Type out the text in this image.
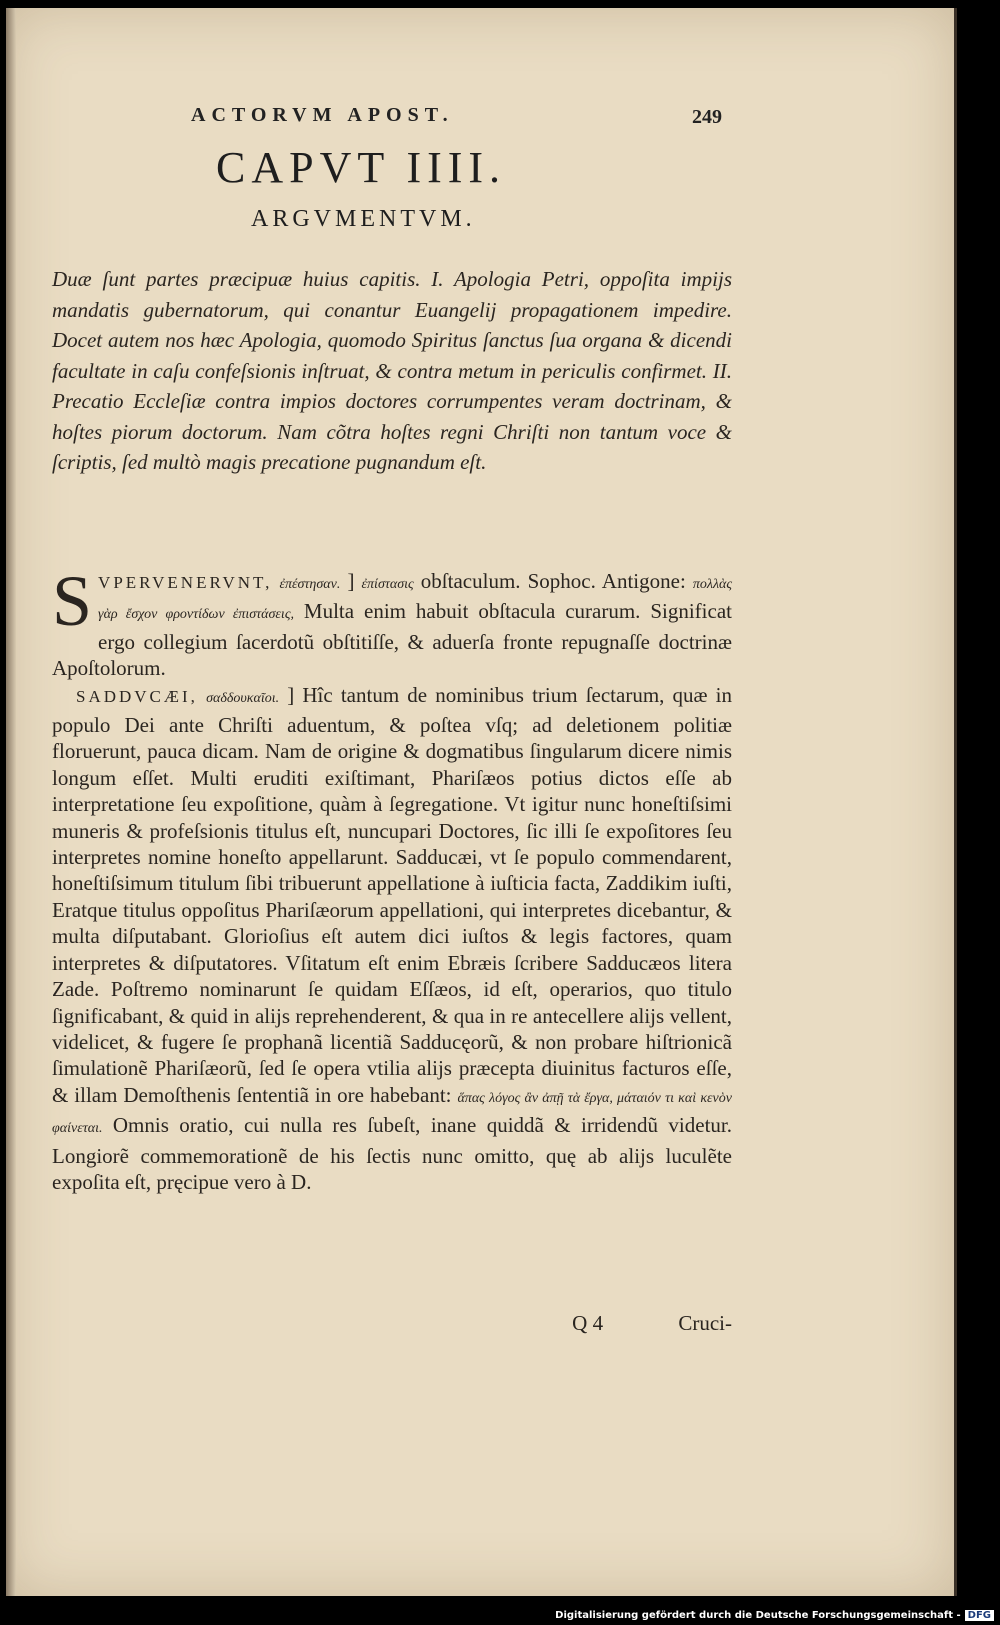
ACTORVM APOST.	249
CAPVT IIII.
ARGVMENTVM.
Duæ ſunt partes præcipuæ huius capitis. I. Apologia Petri, oppoſita impijs mandatis gubernatorum, qui conantur Euangelij propagationem impedire. Docet autem nos hæc Apologia, quomodo Spiritus ſanctus ſua organa & dicendi facultate in caſu confeſsionis inſtruat, & contra metum in periculis confirmet. II. Precatio Eccleſiæ contra impios doctores corrumpentes veram doctrinam, & hoſtes piorum doctorum. Nam cõtra hoſtes regni Chriſti non tantum voce & ſcriptis, ſed multò magis precatione pugnandum eſt.

S VPERVENERVNT, ἐπέστησαν. ] ἐπίστασις obſtaculum. Sophoc. Antigone: πολλὰς γὰρ ἔσχον φροντίδων ἐπιστάσεις, Multa enim habuit obſtacula curarum. Significat ergo collegium ſacerdotũ obſtitiſſe, & aduerſa fronte repugnaſſe doctrinæ Apoſtolorum.

SADDVCÆI, σαδδουκαῖοι. ] Hîc tantum de nominibus trium ſectarum, quæ in populo Dei ante Chriſti aduentum, & poſtea vſq; ad deletionem politiæ floruerunt, pauca dicam. Nam de origine & dogmatibus ſingularum dicere nimis longum eſſet. Multi eruditi exiſtimant, Phariſæos potius dictos eſſe ab interpretatione ſeu expoſitione, quàm à ſegregatione. Vt igitur nunc honeſtiſsimi muneris & profeſsionis titulus eſt, nuncupari Doctores, ſic illi ſe expoſitores ſeu interpretes nomine honeſto appellarunt. Sadducæi, vt ſe populo commendarent, honeſtiſsimum titulum ſibi tribuerunt appellatione à iuſticia facta, Zaddikim iuſti, Eratque titulus oppoſitus Phariſæorum appellationi, qui interpretes dicebantur, & multa diſputabant. Glorioſius eſt autem dici iuſtos & legis factores, quam interpretes & diſputatores. Vſitatum eſt enim Ebræis ſcribere Sadducæos litera Zade. Poſtremo nominarunt ſe quidam Eſſæos, id eſt, operarios, quo titulo ſignificabant, & quid in alijs reprehenderent, & qua in re antecellere alijs vellent, videlicet, & fugere ſe prophanã licentiã Sadducęorũ, & non probare hiſtrionicã ſimulationẽ Phariſæorũ, ſed ſe opera vtilia alijs præcepta diuinitus facturos eſſe, & illam Demoſthenis ſententiã in ore habebant: ἅπας λόγος ἂν ἀπῇ τὰ ἔργα, μάταιόν τι καὶ κενὸν φαίνεται. Omnis oratio, cui nulla res ſubeſt, inane quiddã & irridendũ videtur. Longiorẽ commemorationẽ de his ſectis nunc omitto, quę ab alijs luculẽte expoſita eſt, pręcipue vero à D.

Q 4	Cruci-
Digitalisierung gefördert durch die Deutsche Forschungsgemeinschaft - DFG
